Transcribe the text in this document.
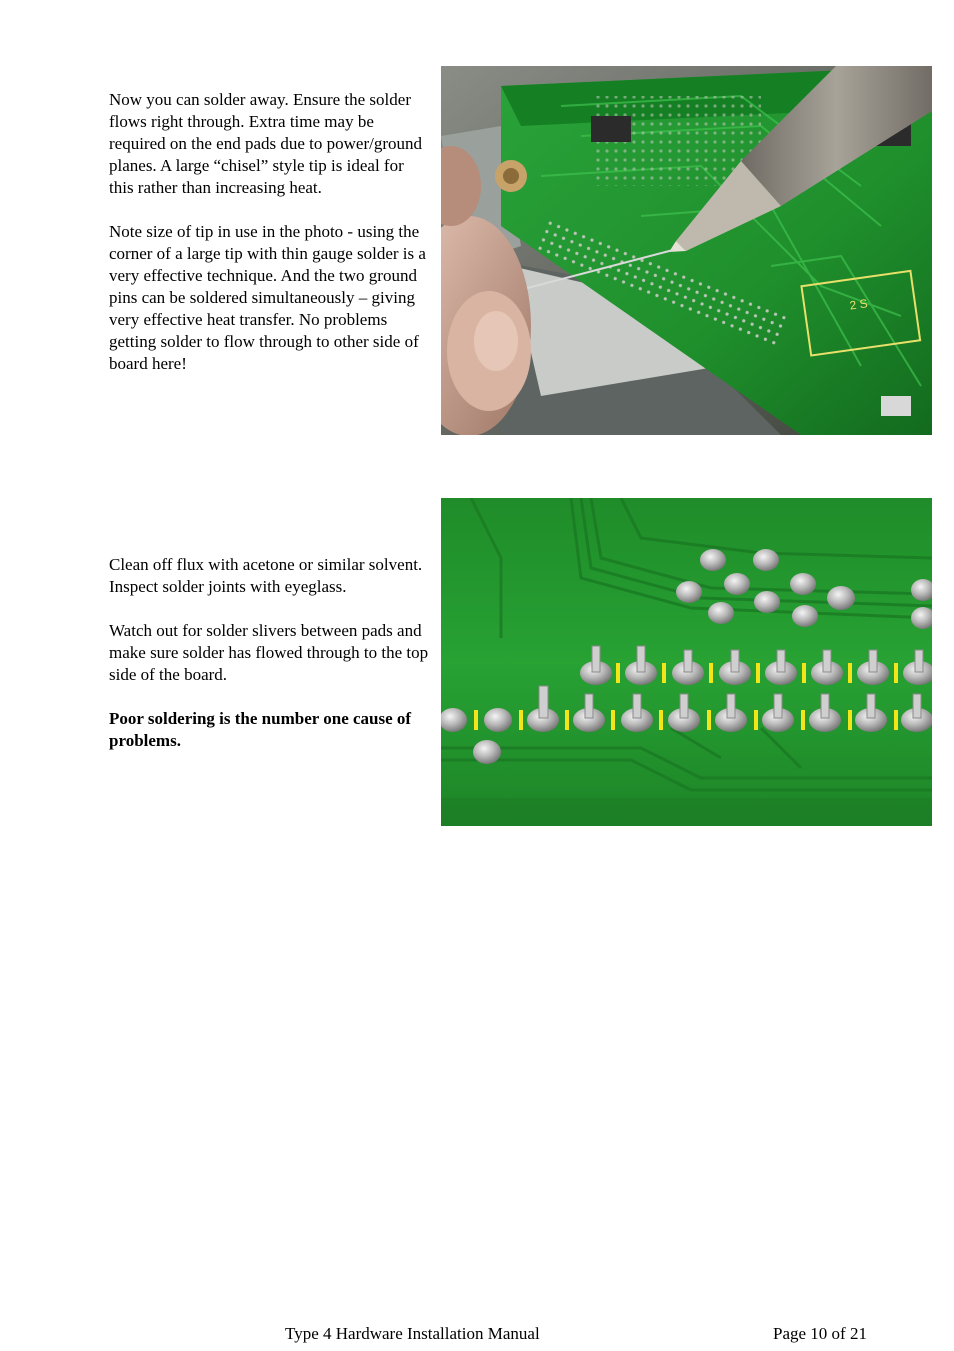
Now you can solder away. Ensure the solder flows right through. Extra time may be required on the end pads due to power/ground planes. A large “chisel” style tip is ideal for this rather than increasing heat.

Note size of tip in use in the photo - using the corner of a large tip with thin gauge solder is a very effective technique. And the two ground pins can be soldered simultaneously – giving very effective heat transfer. No problems getting solder to flow through to other side of board here!

2 S

Clean off flux with acetone or similar solvent. Inspect solder joints with eyeglass.

Watch out for solder slivers between pads and make sure solder has flowed through to the top side of the board.

Poor soldering is the number one cause of problems.

Type 4 Hardware Installation Manual	Page 10 of 21
